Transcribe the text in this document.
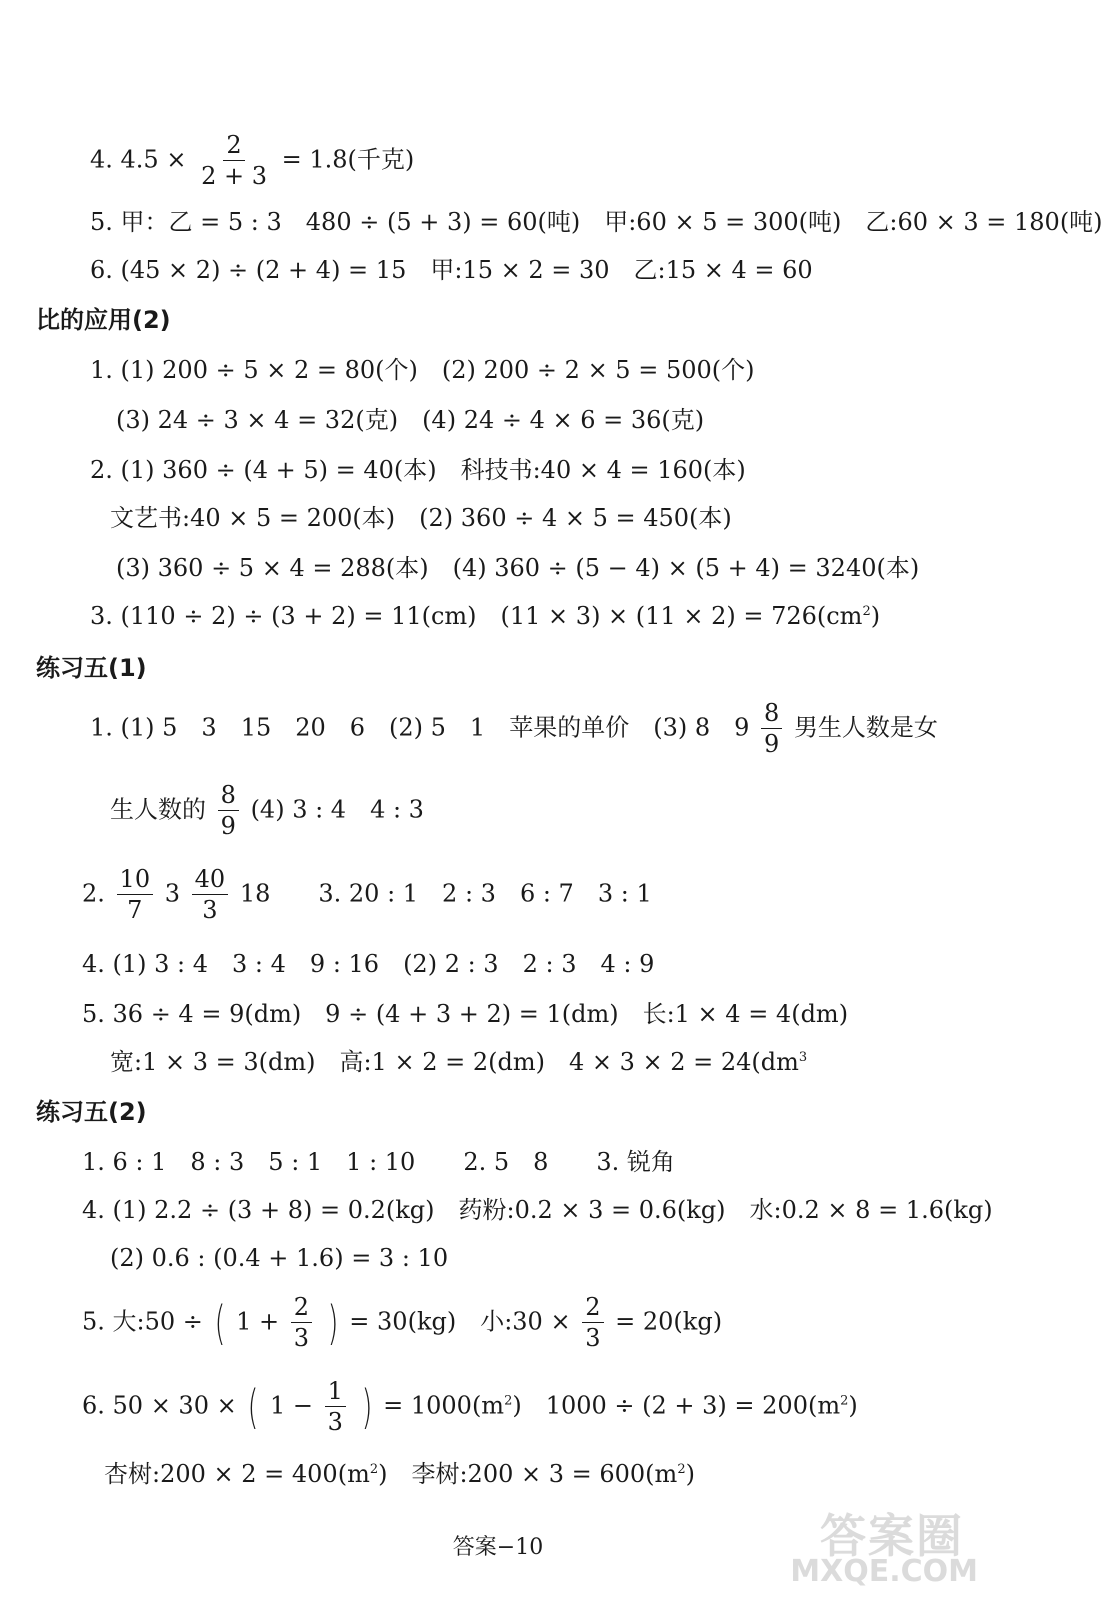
4. $4.5 \times \frac{2}{2 + 3} = 1.8$(千克)
5. 甲：乙 = 5 : 3　480 ÷ (5 + 3) = 60(吨)　甲:60 × 5 = 300(吨)　乙:60 × 3 = 180(吨)
6. (45 × 2) ÷ (2 + 4) = 15　甲:15 × 2 = 30　乙:15 × 4 = 60
比的应用(2)
1. (1) 200 ÷ 5 × 2 = 80(个)　(2) 200 ÷ 2 × 5 = 500(个)
(3) 24 ÷ 3 × 4 = 32(克)　(4) 24 ÷ 4 × 6 = 36(克)
2. (1) 360 ÷ (4 + 5) = 40(本)　科技书:40 × 4 = 160(本)
文艺书:40 × 5 = 200(本)　(2) 360 ÷ 4 × 5 = 450(本)
(3) 360 ÷ 5 × 4 = 288(本)　(4) 360 ÷ (5 − 4) × (5 + 4) = 3240(本)
3. (110 ÷ 2) ÷ (3 + 2) = 11(cm)　$(11 \times 3) \times (11 \times 2) = 726(cm^2)$
练习五(1)
1. (1) 5　3　15　20　6　(2) 5　1　苹果的单价　(3) 8　$9 \frac{8}{9}$ 男生人数是女
生人数的 $\frac{8}{9} (4)$ 3 : 4　4 : 3
2. $\frac{10}{7} 3 \frac{40}{3} 18$　　3. 20 : 1　2 : 3　6 : 7　3 : 1
4. (1) 3 : 4　3 : 4　9 : 16　(2) 2 : 3　2 : 3　4 : 9
5. 36 ÷ 4 = 9(dm)　9 ÷ (4 + 3 + 2) = 1(dm)　长:1 × 4 = 4(dm)
宽:1 × 3 = 3(dm)　高:1 × 2 = 2(dm)　$4 \times 3 \times 2 = 24(dm^3$
练习五(2)
1. 6 : 1　8 : 3　5 : 1　1 : 10　　2. 5　8　　3. 锐角
4. (1) 2.2 ÷ (3 + 8) = 0.2(kg)　药粉:0.2 × 3 = 0.6(kg)　水:0.2 × 8 = 1.6(kg)
(2) 0.6 : (0.4 + 1.6) = 3 : 10
5. 大:50 ÷ ( $1 + \frac{2}{3}$ ) = 30(kg)　小:30 × $\frac{2}{3} = 20(kg)$
6. 50 × 30 × ( $1 - \frac{1}{3}$ ) = $1000(m^2)$　$1000 \div (2 + 3) = 200(m^2)$
杏树:200 × $2 = 400(m^2)$　李树:200 × $3 = 600(m^2)$
答案−10	答案圈
MXQE.COM
